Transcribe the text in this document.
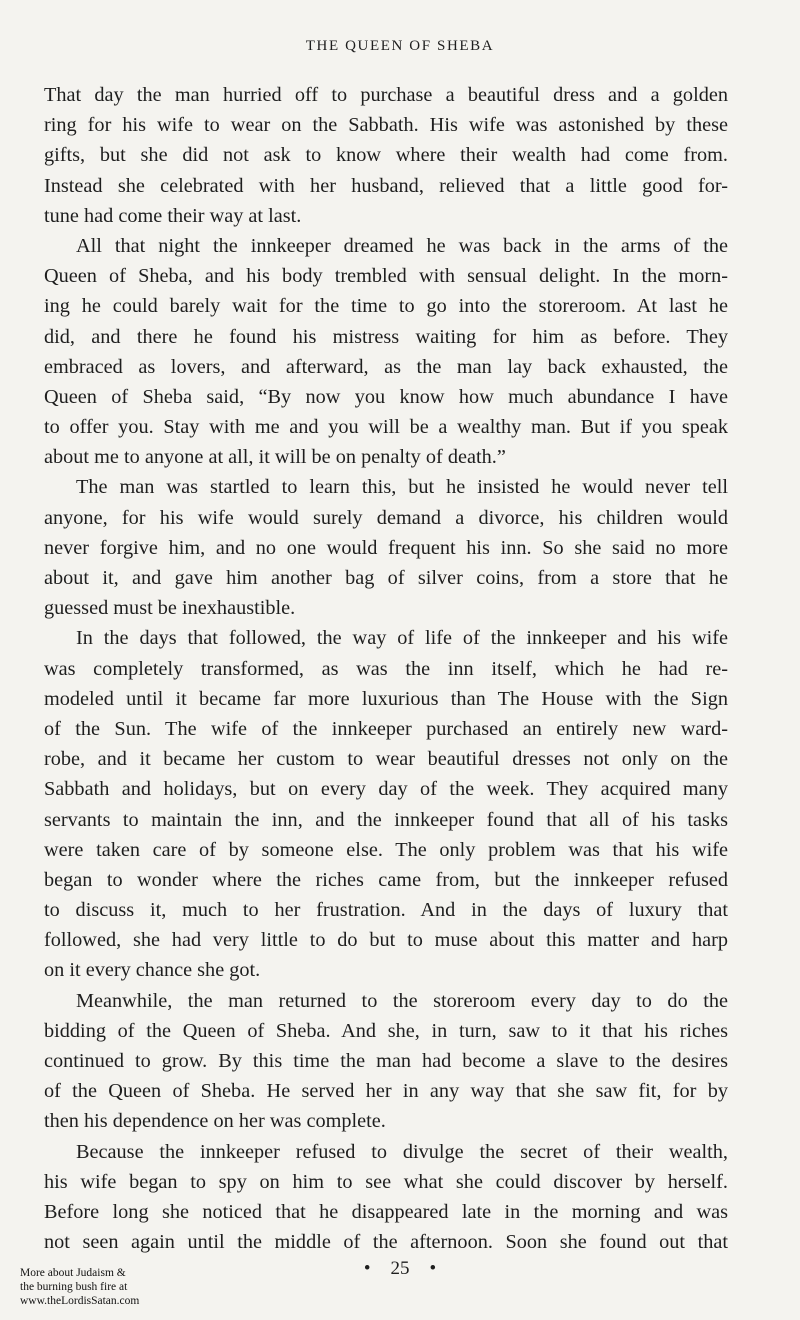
THE QUEEN OF SHEBA
That day the man hurried off to purchase a beautiful dress and a golden
ring for his wife to wear on the Sabbath. His wife was astonished by these
gifts, but she did not ask to know where their wealth had come from.
Instead she celebrated with her husband, relieved that a little good for-
tune had come their way at last.
All that night the innkeeper dreamed he was back in the arms of the
Queen of Sheba, and his body trembled with sensual delight. In the morn-
ing he could barely wait for the time to go into the storeroom. At last he
did, and there he found his mistress waiting for him as before. They
embraced as lovers, and afterward, as the man lay back exhausted, the
Queen of Sheba said, “By now you know how much abundance I have
to offer you. Stay with me and you will be a wealthy man. But if you speak
about me to anyone at all, it will be on penalty of death.”
The man was startled to learn this, but he insisted he would never tell
anyone, for his wife would surely demand a divorce, his children would
never forgive him, and no one would frequent his inn. So she said no more
about it, and gave him another bag of silver coins, from a store that he
guessed must be inexhaustible.
In the days that followed, the way of life of the innkeeper and his wife
was completely transformed, as was the inn itself, which he had re-
modeled until it became far more luxurious than The House with the Sign
of the Sun. The wife of the innkeeper purchased an entirely new ward-
robe, and it became her custom to wear beautiful dresses not only on the
Sabbath and holidays, but on every day of the week. They acquired many
servants to maintain the inn, and the innkeeper found that all of his tasks
were taken care of by someone else. The only problem was that his wife
began to wonder where the riches came from, but the innkeeper refused
to discuss it, much to her frustration. And in the days of luxury that
followed, she had very little to do but to muse about this matter and harp
on it every chance she got.
Meanwhile, the man returned to the storeroom every day to do the
bidding of the Queen of Sheba. And she, in turn, saw to it that his riches
continued to grow. By this time the man had become a slave to the desires
of the Queen of Sheba. He served her in any way that she saw fit, for by
then his dependence on her was complete.
Because the innkeeper refused to divulge the secret of their wealth,
his wife began to spy on him to see what she could discover by herself.
Before long she noticed that he disappeared late in the morning and was
not seen again until the middle of the afternoon. Soon she found out that
• 25 •
More about Judaism &
the burning bush fire at
www.theLordisSatan.com
